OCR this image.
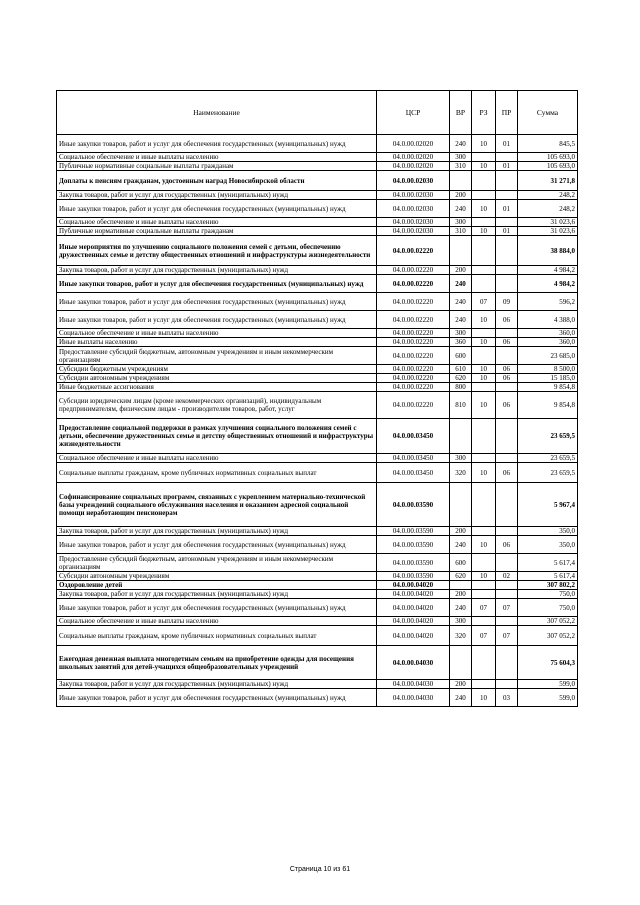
Наименование	ЦСР	ВР	РЗ	ПР	Сумма
Иные закупки товаров, работ и услуг для обеспечения государственных (муниципальных) нужд	04.0.00.02020	240	10	01	845,5
Социальное обеспечение и иные выплаты населению	04.0.00.02020	300			105 693,0
Публичные нормативные социальные выплаты гражданам	04.0.00.02020	310	10	01	105 693,0
Доплаты к пенсиям гражданам, удостоенным наград Новосибирской области	04.0.00.02030				31 271,8
Закупка товаров, работ и услуг для государственных (муниципальных) нужд	04.0.00.02030	200			248,2
Иные закупки товаров, работ и услуг для обеспечения государственных (муниципальных) нужд	04.0.00.02030	240	10	01	248,2
Социальное обеспечение и иные выплаты населению	04.0.00.02030	300			31 023,6
Публичные нормативные социальные выплаты гражданам	04.0.00.02030	310	10	01	31 023,6
Иные мероприятия по улучшению социального положения семей с детьми, обеспечению дружественных семье и детству общественных отношений и инфраструктуры жизнедеятельности	04.0.00.02220				38 884,0
Закупка товаров, работ и услуг для государственных (муниципальных) нужд	04.0.00.02220	200			4 984,2
Иные закупки товаров, работ и услуг для обеспечения государственных (муниципальных) нужд	04.0.00.02220	240			4 984,2
Иные закупки товаров, работ и услуг для обеспечения государственных (муниципальных) нужд	04.0.00.02220	240	07	09	596,2
Иные закупки товаров, работ и услуг для обеспечения государственных (муниципальных) нужд	04.0.00.02220	240	10	06	4 388,0
Социальное обеспечение и иные выплаты населению	04.0.00.02220	300			360,0
Иные выплаты населению	04.0.00.02220	360	10	06	360,0
Предоставление субсидий бюджетным, автономным учреждениям и иным некоммерческим организациям	04.0.00.02220	600			23 685,0
Субсидии бюджетным учреждениям	04.0.00.02220	610	10	06	8 500,0
Субсидии автономным учреждениям	04.0.00.02220	620	10	06	15 185,0
Иные бюджетные ассигнования	04.0.00.02220	800			9 854,8
Субсидии юридическим лицам (кроме некоммерческих организаций), индивидуальным предпринимателям, физическим лицам - производителям товаров, работ, услуг	04.0.00.02220	810	10	06	9 854,8
Предоставление социальной поддержки в рамках улучшения социального положения семей с детьми, обеспечение дружественных семье и детству общественных отношений и инфраструктуры жизнедеятельности	04.0.00.03450				23 659,5
Социальное обеспечение и иные выплаты населению	04.0.00.03450	300			23 659,5
Социальные выплаты гражданам, кроме публичных нормативных социальных выплат	04.0.00.03450	320	10	06	23 659,5
Софинансирование социальных программ, связанных с укреплением материально-технической базы учреждений социального обслуживания населения и оказанием адресной социальной помощи неработающим пенсионерам	04.0.00.03590				5 967,4
Закупка товаров, работ и услуг для государственных (муниципальных) нужд	04.0.00.03590	200			350,0
Иные закупки товаров, работ и услуг для обеспечения государственных (муниципальных) нужд	04.0.00.03590	240	10	06	350,0
Предоставление субсидий бюджетным, автономным учреждениям и иным некоммерческим организациям	04.0.00.03590	600			5 617,4
Субсидии автономным учреждениям	04.0.00.03590	620	10	02	5 617,4
Оздоровление детей	04.0.00.04020				307 802,2
Закупка товаров, работ и услуг для государственных (муниципальных) нужд	04.0.00.04020	200			750,0
Иные закупки товаров, работ и услуг для обеспечения государственных (муниципальных) нужд	04.0.00.04020	240	07	07	750,0
Социальное обеспечение и иные выплаты населению	04.0.00.04020	300			307 052,2
Социальные выплаты гражданам, кроме публичных нормативных социальных выплат	04.0.00.04020	320	07	07	307 052,2
Ежегодная денежная выплата многодетным семьям на приобретение одежды для посещения школьных занятий для детей-учащихся общеобразовательных учреждений	04.0.00.04030				75 604,3
Закупка товаров, работ и услуг для государственных (муниципальных) нужд	04.0.00.04030	200			599,0
Иные закупки товаров, работ и услуг для обеспечения государственных (муниципальных) нужд	04.0.00.04030	240	10	03	599,0
Страница 10 из 61
